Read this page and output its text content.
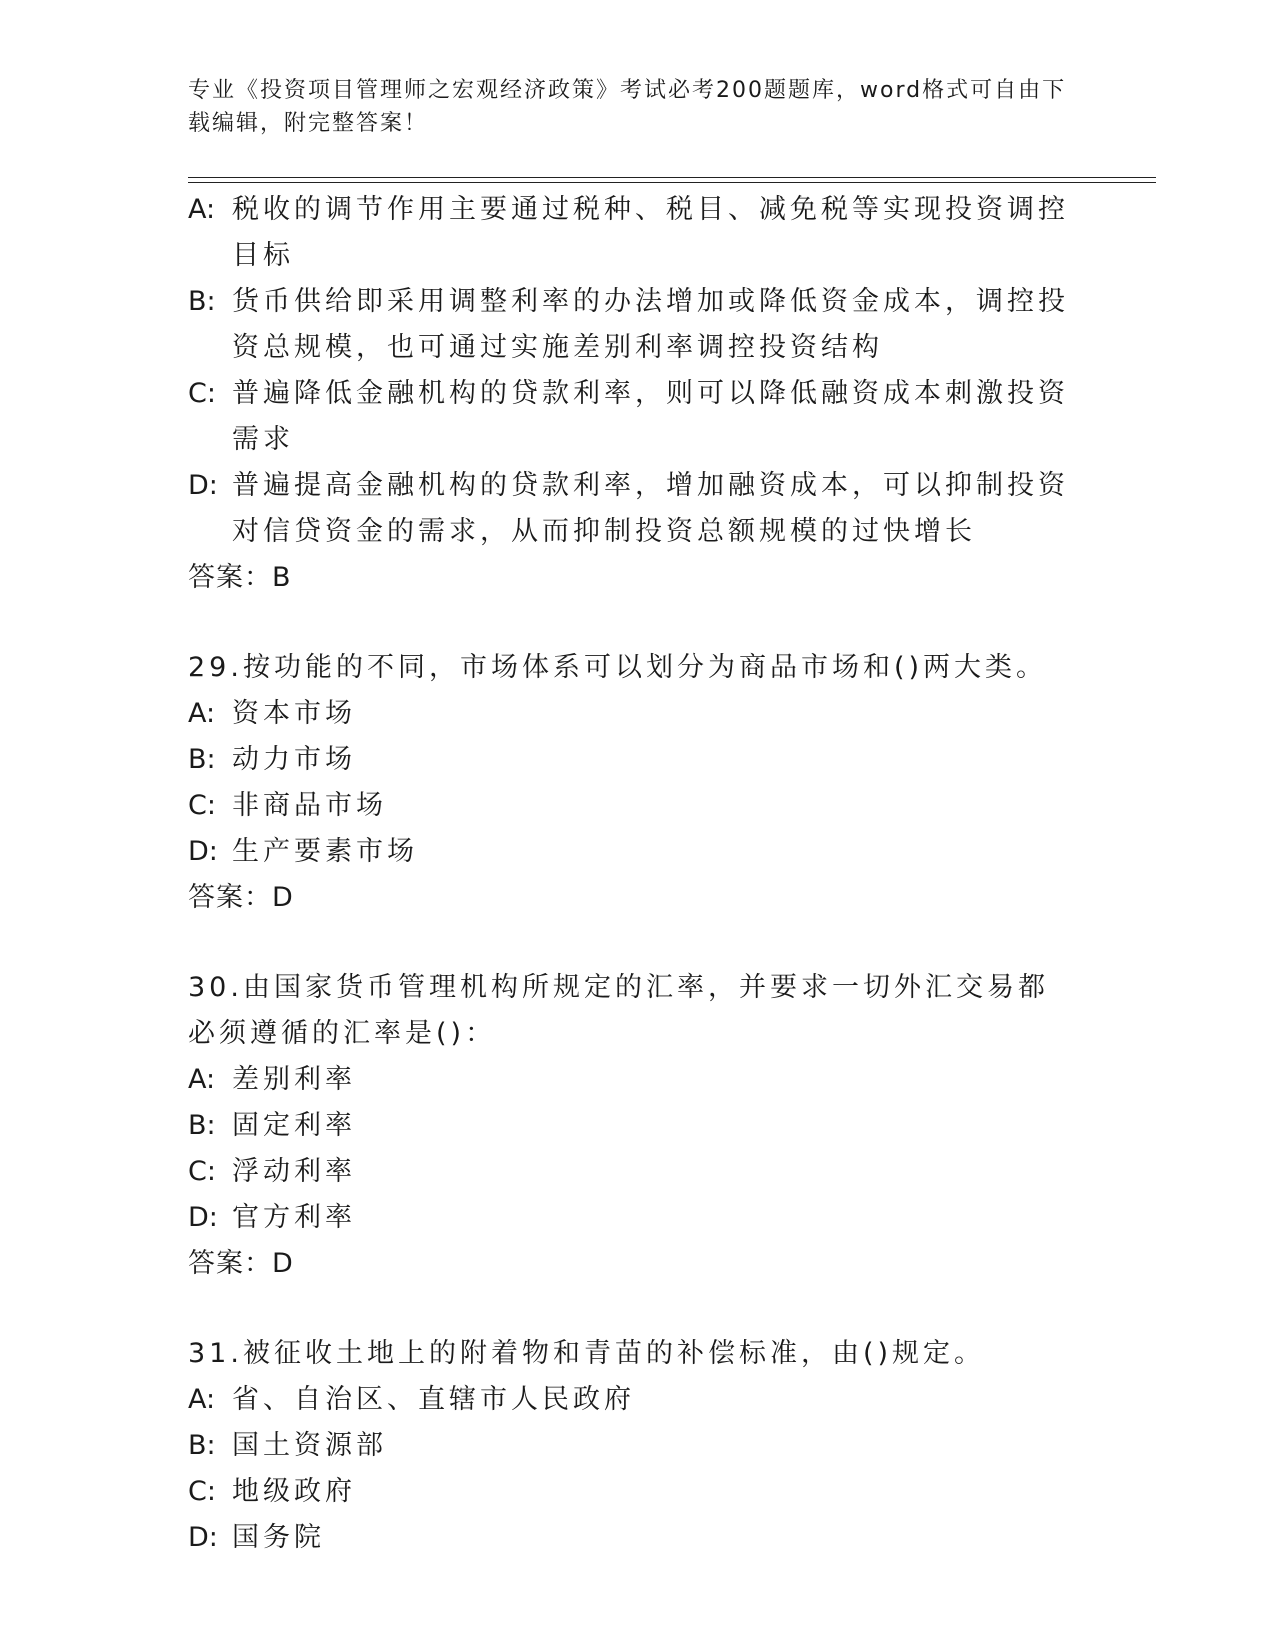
专业《投资项目管理师之宏观经济政策》考试必考200题题库，word格式可自由下载编辑，附完整答案！
A: 税收的调节作用主要通过税种、税目、减免税等实现投资调控目标
B: 货币供给即采用调整利率的办法增加或降低资金成本，调控投资总规模，也可通过实施差别利率调控投资结构
C: 普遍降低金融机构的贷款利率，则可以降低融资成本刺激投资需求
D: 普遍提高金融机构的贷款利率，增加融资成本，可以抑制投资对信贷资金的需求，从而抑制投资总额规模的过快增长
答案：B
29.按功能的不同，市场体系可以划分为商品市场和()两大类。
A: 资本市场
B: 动力市场
C: 非商品市场
D: 生产要素市场
答案：D
30.由国家货币管理机构所规定的汇率，并要求一切外汇交易都必须遵循的汇率是()：
A: 差别利率
B: 固定利率
C: 浮动利率
D: 官方利率
答案：D
31.被征收土地上的附着物和青苗的补偿标准，由()规定。
A: 省、自治区、直辖市人民政府
B: 国土资源部
C: 地级政府
D: 国务院
